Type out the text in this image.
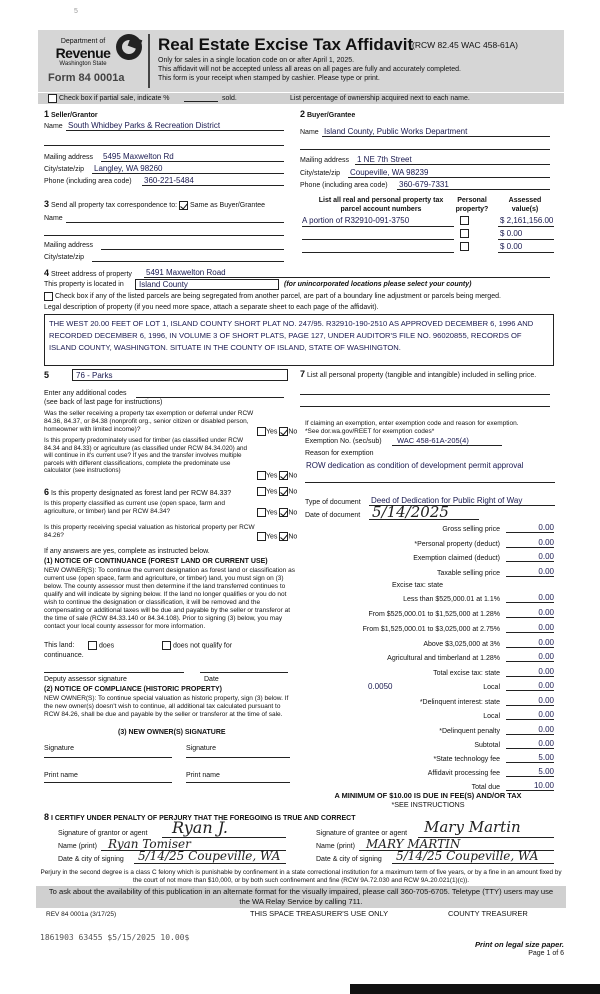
5
Department of
Revenue
Washington State
Form 84 0001a
Real Estate Excise Tax Affidavit
(RCW 82.45 WAC 458-61A)
Only for sales in a single location code on or after April 1, 2025.
This affidavit will not be accepted unless all areas on all pages are fully and accurately completed.
This form is your receipt when stamped by cashier. Please type or print.
Check box if partial sale, indicate %	sold.	List percentage of ownership acquired next to each name.
1 Seller/Grantor
Name South Whidbey Parks & Recreation District
Mailing address 5495 Maxwelton Rd
City/state/zip Langley, WA 98260
Phone (including area code) 360-221-5484
2 Buyer/Grantee
Name Island County, Public Works Department
Mailing address 1 NE 7th Street
City/state/zip Coupeville, WA 98239
Phone (including area code) 360-679-7331
3 Send all property tax correspondence to: Same as Buyer/Grantee
Name
Mailing address
City/state/zip
List all real and personal property tax
parcel account numbers
Personal
property?
Assessed
value(s)
A portion of R32910-091-3750	$ 2,161,156.00
$ 0.00
$ 0.00
4 Street address of property 5491 Maxwelton Road
This property is located in Island County	(for unincorporated locations please select your county)
Check box if any of the listed parcels are being segregated from another parcel, are part of a boundary line adjustment or parcels being merged.
Legal description of property (if you need more space, attach a separate sheet to each page of the affidavit).
THE WEST 20.00 FEET OF LOT 1, ISLAND COUNTY SHORT PLAT NO. 247/95. R32910-190-2510 AS APPROVED DECEMBER 6, 1996 AND RECORDED DECEMBER 6, 1996, IN VOLUME 3 OF SHORT PLATS, PAGE 127, UNDER AUDITOR'S FILE NO. 96020855, RECORDS OF ISLAND COUNTY, WASHINGTON. SITUATE IN THE COUNTY OF ISLAND, STATE OF WASHINGTON.
5	76 - Parks
Enter any additional codes
(see back of last page for instructions)
Was the seller receiving a property tax exemption or deferral under RCW 84.36, 84.37, or 84.38 (nonprofit org., senior citizen or disabled person, homeowner with limited income)?	Yes No
Is this property predominately used for timber (as classified under RCW 84.34 and 84.33) or agriculture (as classified under RCW 84.34.020) and will continue in it's current use? If yes and the transfer involves multiple parcels with different classifications, complete the predominate use calculator (see instructions)
Yes No
6 Is this property designated as forest land per RCW 84.33?	Yes No
Is this property classified as current use (open space, farm and agriculture, or timber) land per RCW 84.34?	Yes No
Is this property receiving special valuation as historical property per RCW 84.26?	Yes No
If any answers are yes, complete as instructed below.
(1) NOTICE OF CONTINUANCE (FOREST LAND OR CURRENT USE)
NEW OWNER(S): To continue the current designation as forest land or classification as current use (open space, farm and agriculture, or timber) land, you must sign on (3) below. The county assessor must then determine if the land transferred continues to qualify and will indicate by signing below. If the land no longer qualifies or you do not wish to continue the designation or classification, it will be removed and the compensating or additional taxes will be due and payable by the seller or transferor at the time of sale (RCW 84.33.140 or 84.34.108). Prior to signing (3) below, you may contact your local county assessor for more information.
This land:	does	does not qualify for
continuance.
Deputy assessor signature	Date
(2) NOTICE OF COMPLIANCE (HISTORIC PROPERTY)
NEW OWNER(S): To continue special valuation as historic property, sign (3) below. If the new owner(s) doesn't wish to continue, all additional tax calculated pursuant to RCW 84.26, shall be due and payable by the seller or transferor at the time of sale.
(3) NEW OWNER(S) SIGNATURE
Signature	Signature
Print name	Print name
7 List all personal property (tangible and intangible) included in selling price.
If claiming an exemption, enter exemption code and reason for exemption. *See dor.wa.gov/REET for exemption codes*
Exemption No. (sec/sub) WAC 458-61A-205(4)
Reason for exemption
ROW dedication as condition of development permit approval
Type of document Deed of Dedication for Public Right of Way
Date of document 5/14/2025
Gross selling price	0.00
*Personal property (deduct)	0.00
Exemption claimed (deduct)	0.00
Taxable selling price	0.00
Excise tax: state
Less than $525,000.01 at 1.1%	0.00
From $525,000.01 to $1,525,000 at 1.28%	0.00
From $1,525,000.01 to $3,025,000 at 2.75%	0.00
Above $3,025,000 at 3%	0.00
Agricultural and timberland at 1.28%	0.00
Total excise tax: state	0.00
0.0050	Local	0.00
*Delinquent interest: state	0.00
Local	0.00
*Delinquent penalty	0.00
Subtotal	0.00
*State technology fee	5.00
Affidavit processing fee	5.00
Total due	10.00
A MINIMUM OF $10.00 IS DUE IN FEE(S) AND/OR TAX
*SEE INSTRUCTIONS
8 I CERTIFY UNDER PENALTY OF PERJURY THAT THE FOREGOING IS TRUE AND CORRECT
Signature of grantor or agent Ryan J.
Name (print) Ryan Tomiser
Date & city of signing 5/14/25 Coupeville, WA
Signature of grantee or agent Mary Martin
Name (print) MARY MARTIN
Date & city of signing 5/14/25 Coupeville, WA
Perjury in the second degree is a class C felony which is punishable by confinement in a state correctional institution for a maximum term of five years, or by a fine in an amount fixed by the court of not more than $10,000, or by both such confinement and fine (RCW 9A.72.030 and RCW 9A.20.021(1)(c)).
To ask about the availability of this publication in an alternate format for the visually impaired, please call 360-705-6705. Teletype (TTY) users may use the WA Relay Service by calling 711.
REV 84 0001a (3/17/25)	THIS SPACE TREASURER'S USE ONLY	COUNTY TREASURER
1861903 63455 $5/15/2025 10.00$
Print on legal size paper.
Page 1 of 6
